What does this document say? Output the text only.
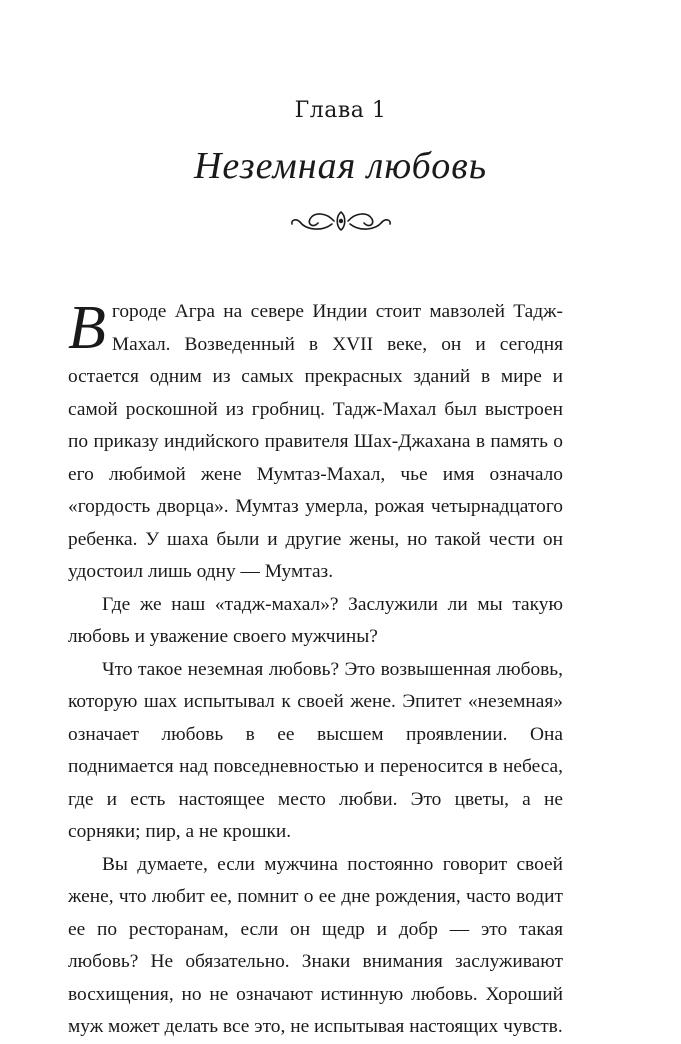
Глава 1
Неземная любовь

Вгороде Агра на севере Индии стоит мавзолей Тадж-Махал. Возведенный в XVII веке, он и сегодня остается одним из самых прекрасных зданий в мире и самой роскошной из гробниц. Тадж-Махал был выстроен по приказу индийского правителя Шах-Джахана в память о его любимой жене Мумтаз-Махал, чье имя означало «гордость дворца». Мумтаз умерла, рожая четырнадцатого ребенка. У шаха были и другие жены, но такой чести он удостоил лишь одну — Мумтаз.

Где же наш «тадж-махал»? Заслужили ли мы такую любовь и уважение своего мужчины?

Что такое неземная любовь? Это возвышенная любовь, которую шах испытывал к своей жене. Эпитет «неземная» означает любовь в ее высшем проявлении. Она поднимается над повседневностью и переносится в небеса, где и есть настоящее место любви. Это цветы, а не сорняки; пир, а не крошки.

Вы думаете, если мужчина постоянно говорит своей жене, что любит ее, помнит о ее дне рождения, часто водит ее по ресторанам, если он щедр и добр — это такая любовь? Не обязательно. Знаки внимания заслуживают восхищения, но не означают истинную любовь. Хороший муж может делать все это, не испытывая настоящих чувств.
